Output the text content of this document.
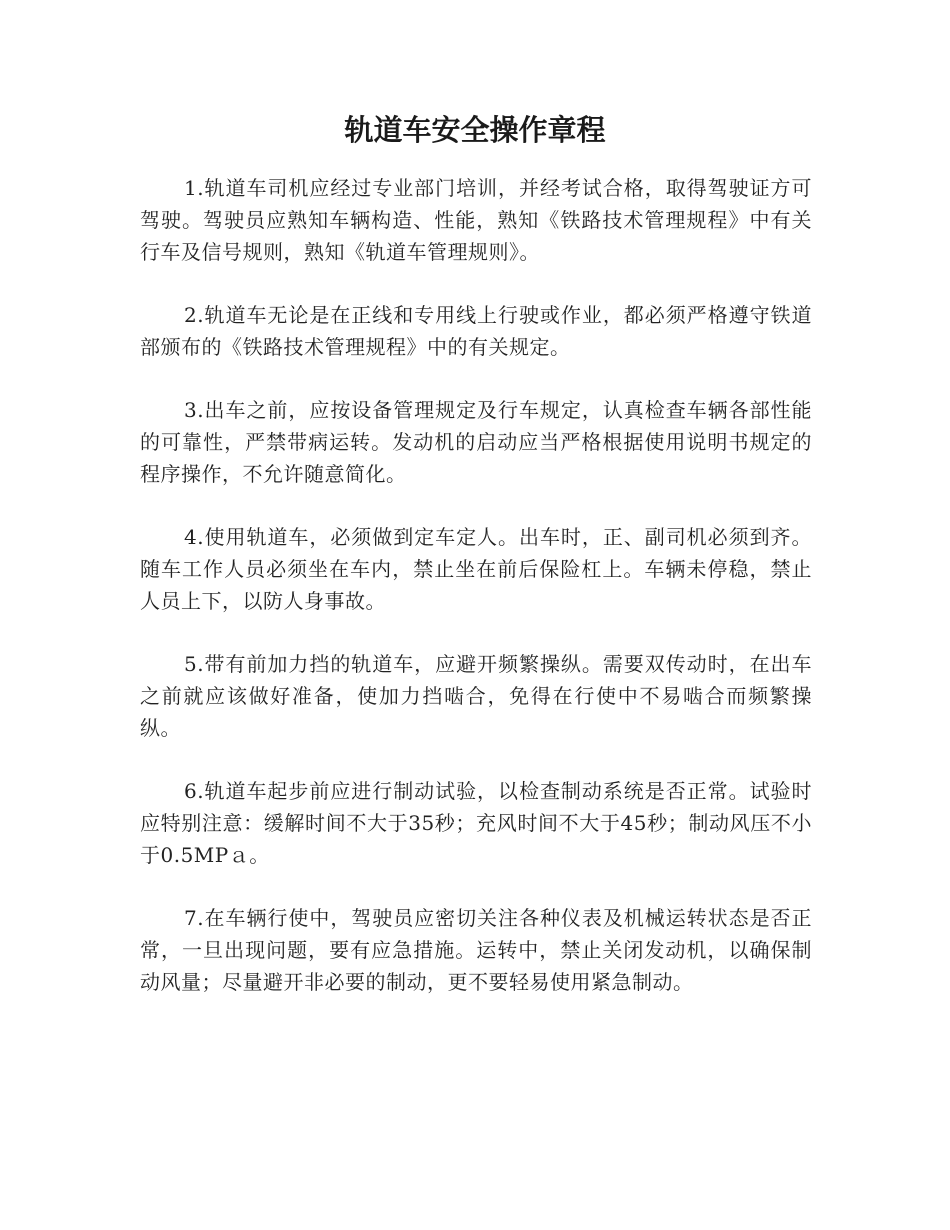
轨道车安全操作章程

1.轨道车司机应经过专业部门培训，并经考试合格，取得驾驶证方可驾驶。驾驶员应熟知车辆构造、性能，熟知《铁路技术管理规程》中有关行车及信号规则，熟知《轨道车管理规则》。

2.轨道车无论是在正线和专用线上行驶或作业，都必须严格遵守铁道部颁布的《铁路技术管理规程》中的有关规定。

3.出车之前，应按设备管理规定及行车规定，认真检查车辆各部性能的可靠性，严禁带病运转。发动机的启动应当严格根据使用说明书规定的程序操作，不允许随意简化。

4.使用轨道车，必须做到定车定人。出车时，正、副司机必须到齐。随车工作人员必须坐在车内，禁止坐在前后保险杠上。车辆未停稳，禁止人员上下，以防人身事故。

5.带有前加力挡的轨道车，应避开频繁操纵。需要双传动时，在出车之前就应该做好准备，使加力挡啮合，免得在行使中不易啮合而频繁操纵。

6.轨道车起步前应进行制动试验，以检查制动系统是否正常。试验时应特别注意：缓解时间不大于35秒；充风时间不大于45秒；制动风压不小于0.5MPａ。

7.在车辆行使中，驾驶员应密切关注各种仪表及机械运转状态是否正常，一旦出现问题，要有应急措施。运转中，禁止关闭发动机，以确保制动风量；尽量避开非必要的制动，更不要轻易使用紧急制动。
